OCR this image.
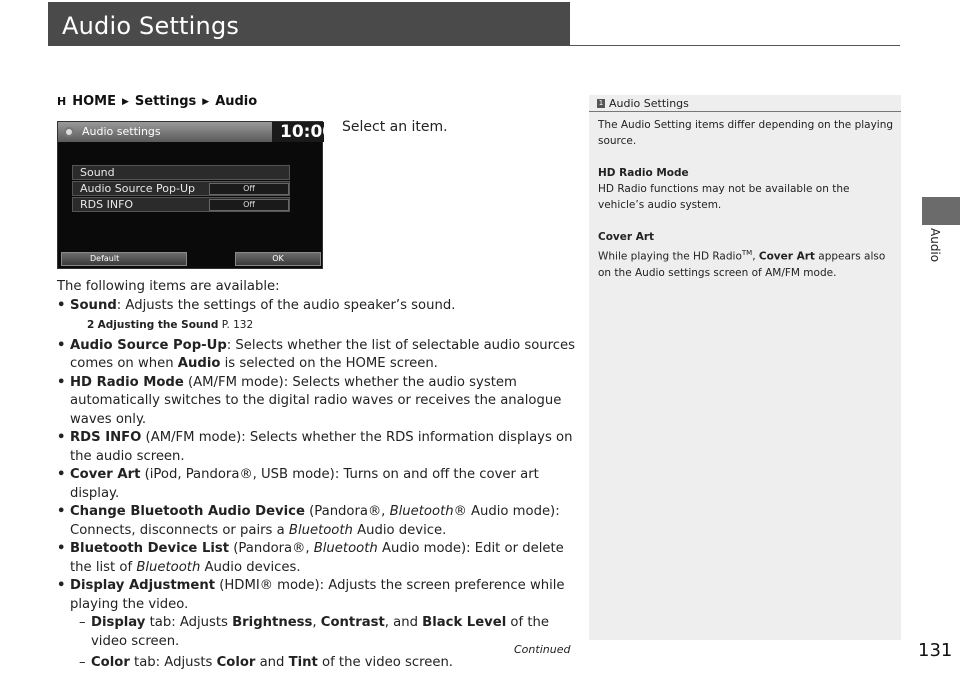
Audio Settings
Audio
H HOME ▶ Settings ▶ Audio
Audio settings	10:00
Sound
Audio Source Pop-Up	Off
RDS INFO	Off
Default	OK
Select an item.
The following items are available:
• Sound: Adjusts the settings of the audio speaker’s sound.
2 Adjusting the Sound P. 132
• Audio Source Pop-Up: Selects whether the list of selectable audio sources comes on when Audio is selected on the HOME screen.
• HD Radio Mode (AM/FM mode): Selects whether the audio system automatically switches to the digital radio waves or receives the analogue waves only.
• RDS INFO (AM/FM mode): Selects whether the RDS information displays on the audio screen.
• Cover Art (iPod, Pandora®, USB mode): Turns on and off the cover art display.
• Change Bluetooth Audio Device (Pandora®, Bluetooth® Audio mode): Connects, disconnects or pairs a Bluetooth Audio device.
• Bluetooth Device List (Pandora®, Bluetooth Audio mode): Edit or delete the list of Bluetooth Audio devices.
• Display Adjustment (HDMI® mode): Adjusts the screen preference while playing the video.
– Display tab: Adjusts Brightness, Contrast, and Black Level of the video screen.
– Color tab: Adjusts Color and Tint of the video screen.
1 Audio Settings

The Audio Setting items differ depending on the playing source.

HD Radio Mode

HD Radio functions may not be available on the vehicle’s audio system.

Cover Art

While playing the HD Radio™, Cover Art appears also on the Audio settings screen of AM/FM mode.

Continued	131
